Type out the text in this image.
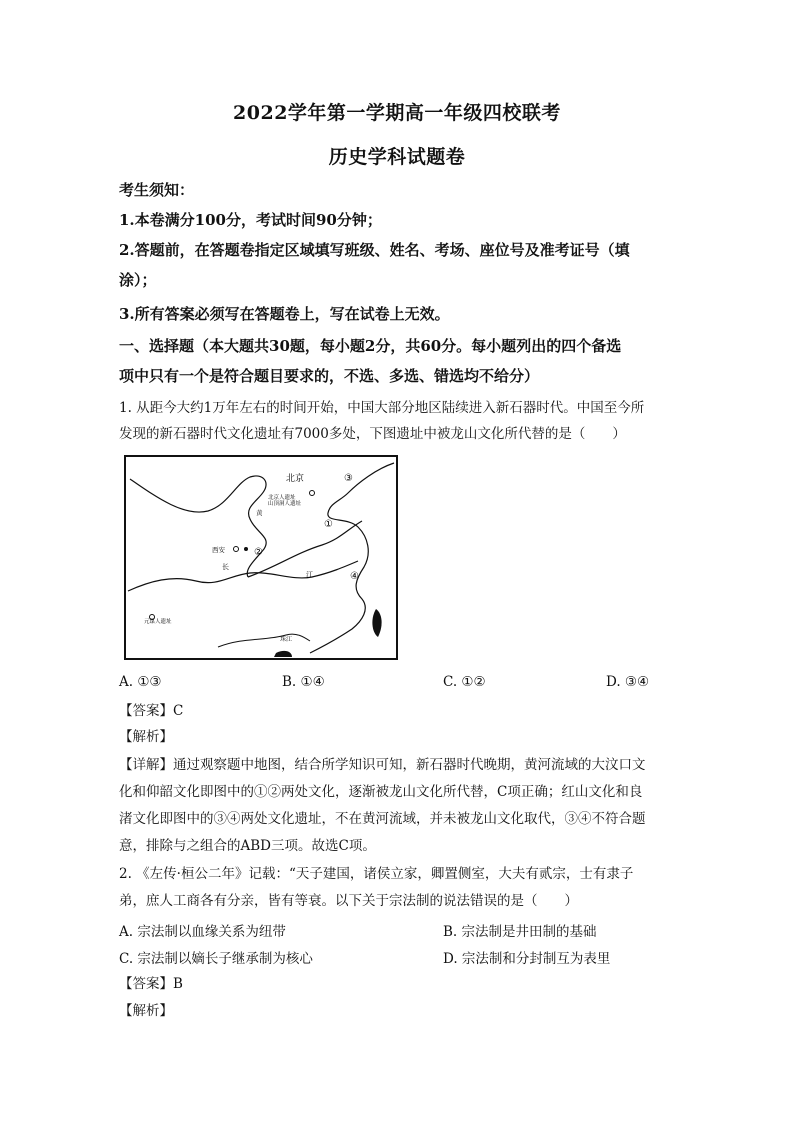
2022学年第一学期高一年级四校联考
历史学科试题卷
考生须知：
1.本卷满分100分，考试时间90分钟；
2.答题前，在答题卷指定区域填写班级、姓名、考场、座位号及准考证号（填
涂）；
3.所有答案必须写在答题卷上，写在试卷上无效。
一、选择题（本大题共30题，每小题2分，共60分。每小题列出的四个备选
项中只有一个是符合题目要求的，不选、多选、错选均不给分）
1. 从距今大约1万年左右的时间开始，中国大部分地区陆续进入新石器时代。中国至今所
发现的新石器时代文化遗址有7000多处，下图遗址中被龙山文化所代替的是（　　）
北京
北京人遗址
山顶洞人遗址
西安
元谋人遗址
黄
长
江
珠江
③
①
②
④
A. ①③	B. ①④	C. ①②	D. ③④
【答案】C
【解析】
【详解】通过观察题中地图，结合所学知识可知，新石器时代晚期，黄河流域的大汶口文
化和仰韶文化即图中的①②两处文化，逐渐被龙山文化所代替，C项正确；红山文化和良
渚文化即图中的③④两处文化遗址，不在黄河流域，并未被龙山文化取代，③④不符合题
意，排除与之组合的ABD三项。故选C项。
2. 《左传·桓公二年》记载：“天子建国，诸侯立家，卿置侧室，大夫有贰宗，士有隶子
弟，庶人工商各有分亲，皆有等衰。以下关于宗法制的说法错误的是（　　）
A. 宗法制以血缘关系为纽带	B. 宗法制是井田制的基础
C. 宗法制以嫡长子继承制为核心	D. 宗法制和分封制互为表里
【答案】B
【解析】
